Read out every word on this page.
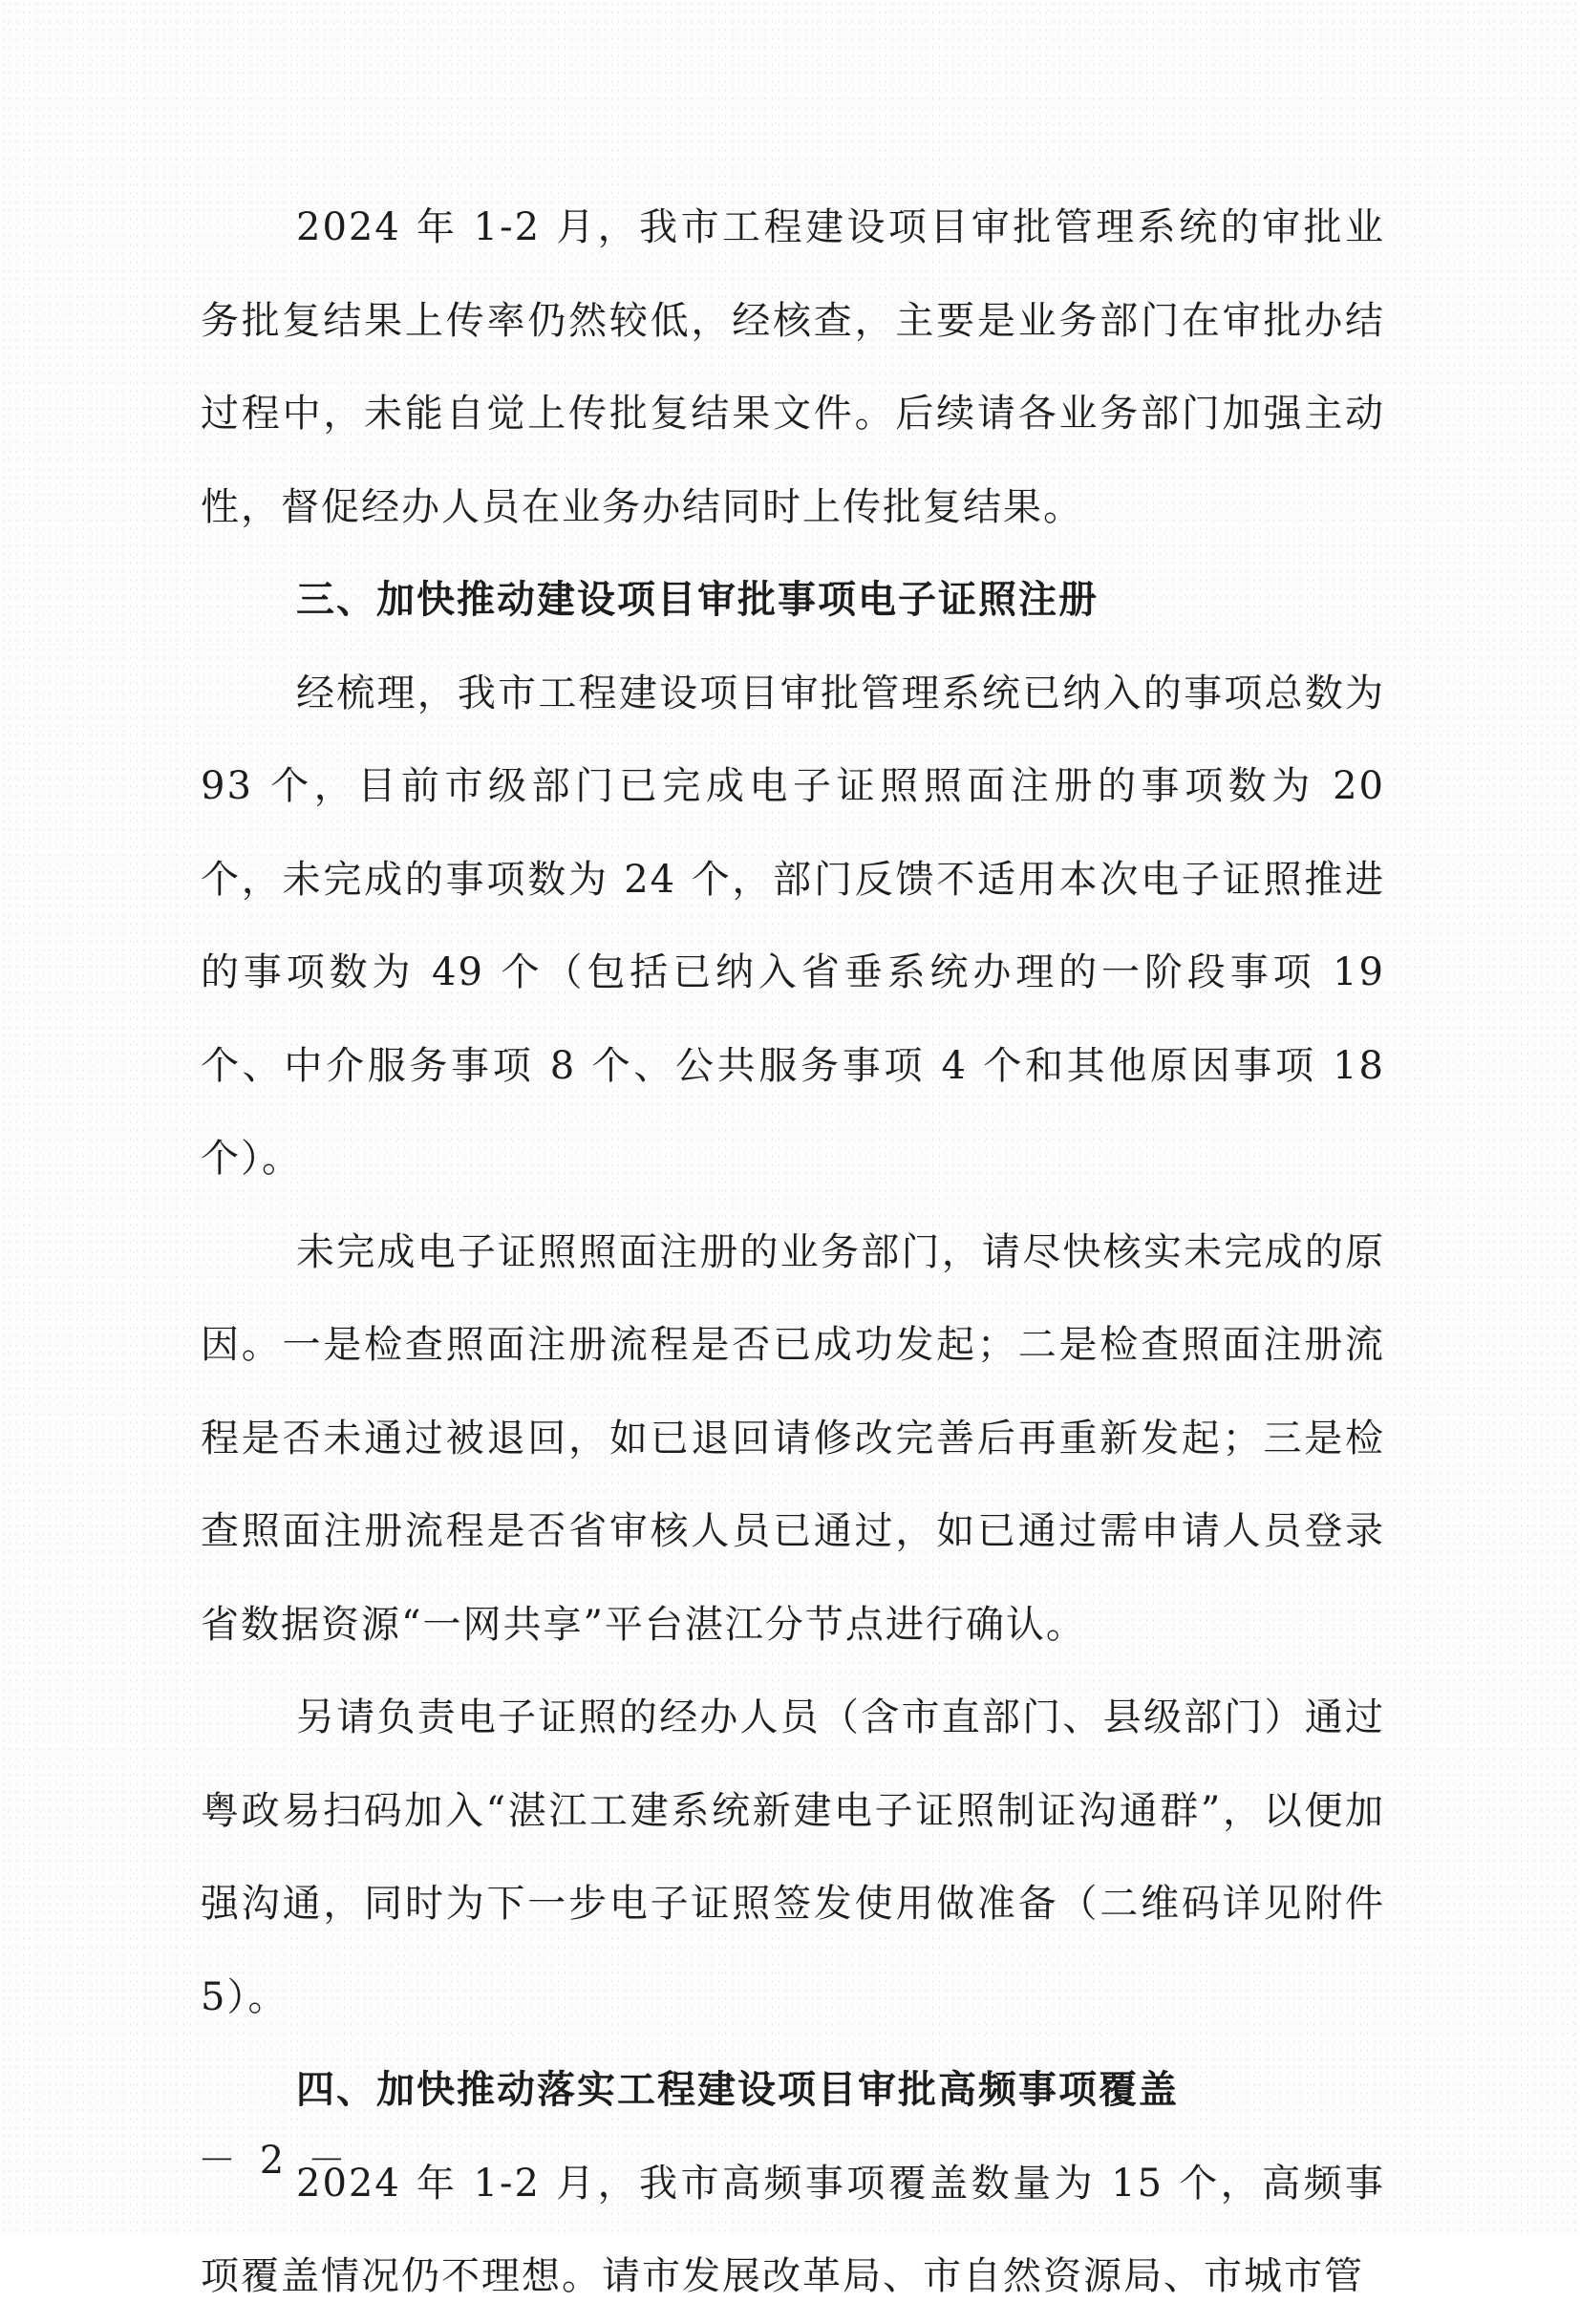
2024 年 1-2 月，我市工程建设项目审批管理系统的审批业务批复结果上传率仍然较低，经核查，主要是业务部门在审批办结过程中，未能自觉上传批复结果文件。后续请各业务部门加强主动性，督促经办人员在业务办结同时上传批复结果。

三、加快推动建设项目审批事项电子证照注册

经梳理，我市工程建设项目审批管理系统已纳入的事项总数为 93 个，目前市级部门已完成电子证照照面注册的事项数为 20 个，未完成的事项数为 24 个，部门反馈不适用本次电子证照推进的事项数为 49 个（包括已纳入省垂系统办理的一阶段事项 19 个、中介服务事项 8 个、公共服务事项 4 个和其他原因事项 18 个）。

未完成电子证照照面注册的业务部门，请尽快核实未完成的原因。一是检查照面注册流程是否已成功发起；二是检查照面注册流程是否未通过被退回，如已退回请修改完善后再重新发起；三是检查照面注册流程是否省审核人员已通过，如已通过需申请人员登录省数据资源“一网共享”平台湛江分节点进行确认。

另请负责电子证照的经办人员（含市直部门、县级部门）通过粤政易扫码加入“湛江工建系统新建电子证照制证沟通群”，以便加强沟通，同时为下一步电子证照签发使用做准备（二维码详见附件 5）。

四、加快推动落实工程建设项目审批高频事项覆盖

2024 年 1-2 月，我市高频事项覆盖数量为 15 个，高频事项覆盖情况仍不理想。请市发展改革局、市自然资源局、市城市管

－ 2 －
